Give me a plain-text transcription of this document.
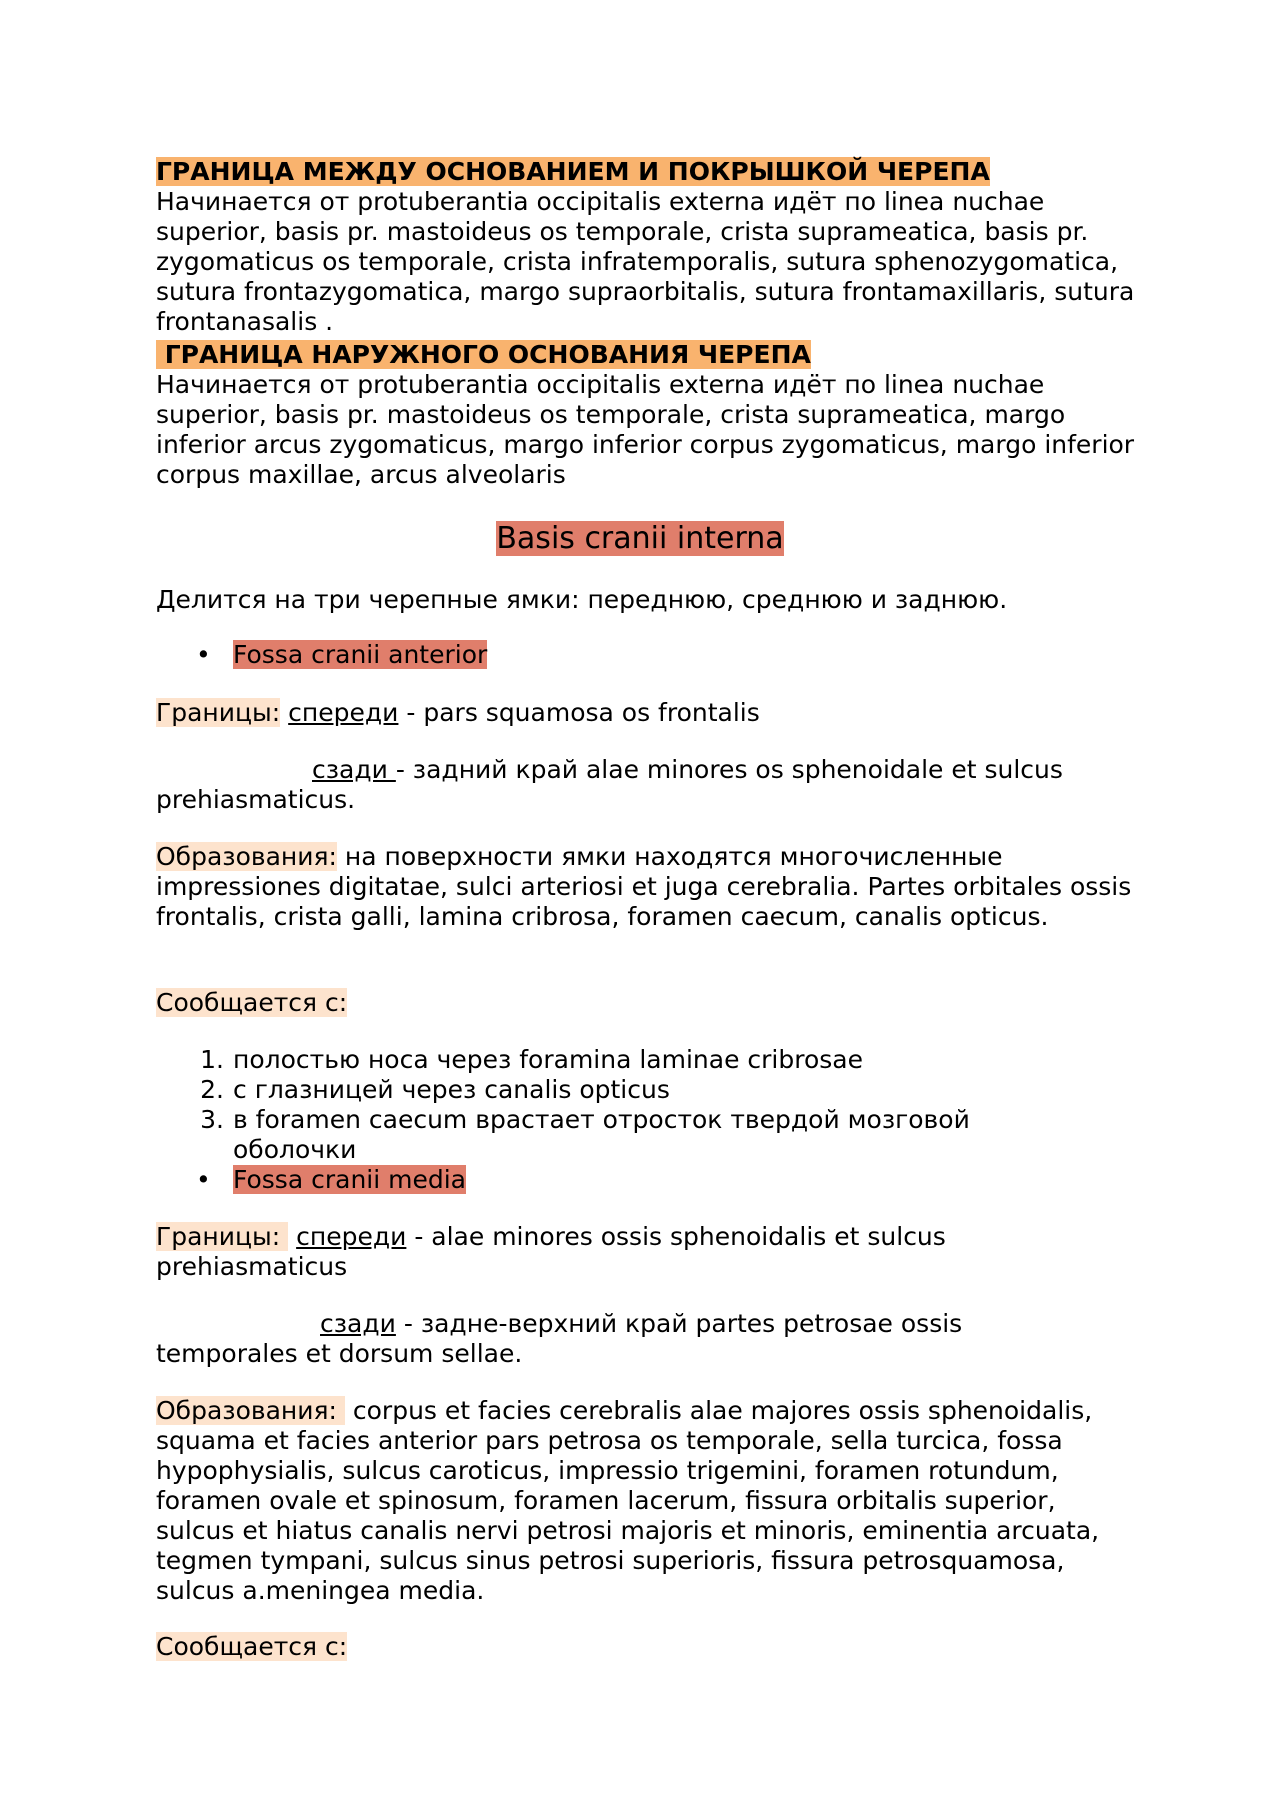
ГРАНИЦА МЕЖДУ ОСНОВАНИЕМ И ПОКРЫШКОЙ ЧЕРЕПА
Начинается от protuberantia occipitalis externa идёт по linea nuchae superior, basis pr. mastoideus os temporale, crista suprameatica, basis pr. zygomaticus os temporale, crista infratemporalis, sutura sphenozygomatica, sutura frontazygomatica, margo supraorbitalis, sutura frontamaxillaris, sutura frontanasalis .
ГРАНИЦА НАРУЖНОГО ОСНОВАНИЯ ЧЕРЕПА
Начинается от protuberantia occipitalis externa идёт по linea nuchae superior, basis pr. mastoideus os temporale, crista suprameatica, margo inferior arcus zygomaticus, margo inferior corpus zygomaticus, margo inferior corpus maxillae, arcus alveolaris
Basis cranii interna
Делится на три черепные ямки: переднюю, среднюю и заднюю.
• Fossa cranii anterior
Границы: спереди - pars squamosa os frontalis
сзади - задний край alae minores os sphenoidale et sulcus
prehiasmaticus.
Образования: на поверхности ямки находятся многочисленные impressiones digitatae, sulci arteriosi et juga cerebralia. Partes orbitales ossis frontalis, crista galli, lamina cribrosa, foramen caecum, canalis opticus.
Сообщается с:
1. полостью носа через foramina laminae cribrosae
2. с глазницей через canalis opticus
3. в foramen caecum врастает отросток твердой мозговой оболочки
• Fossa cranii media
Границы:  спереди - alae minores ossis sphenoidalis et sulcus
prehiasmaticus
сзади - задне-верхний край partes petrosae ossis
temporales et dorsum sellae.
Образования:  corpus et facies cerebralis alae majores ossis sphenoidalis, squama et facies anterior pars petrosa os temporale, sella turcica, fossa hypophysialis, sulcus caroticus, impressio trigemini, foramen rotundum, foramen ovale et spinosum, foramen lacerum, fissura orbitalis superior, sulcus et hiatus canalis nervi petrosi majoris et minoris, eminentia arcuata, tegmen tympani, sulcus sinus petrosi superioris, fissura petrosquamosa, sulcus a.meningea media.
Сообщается с:
